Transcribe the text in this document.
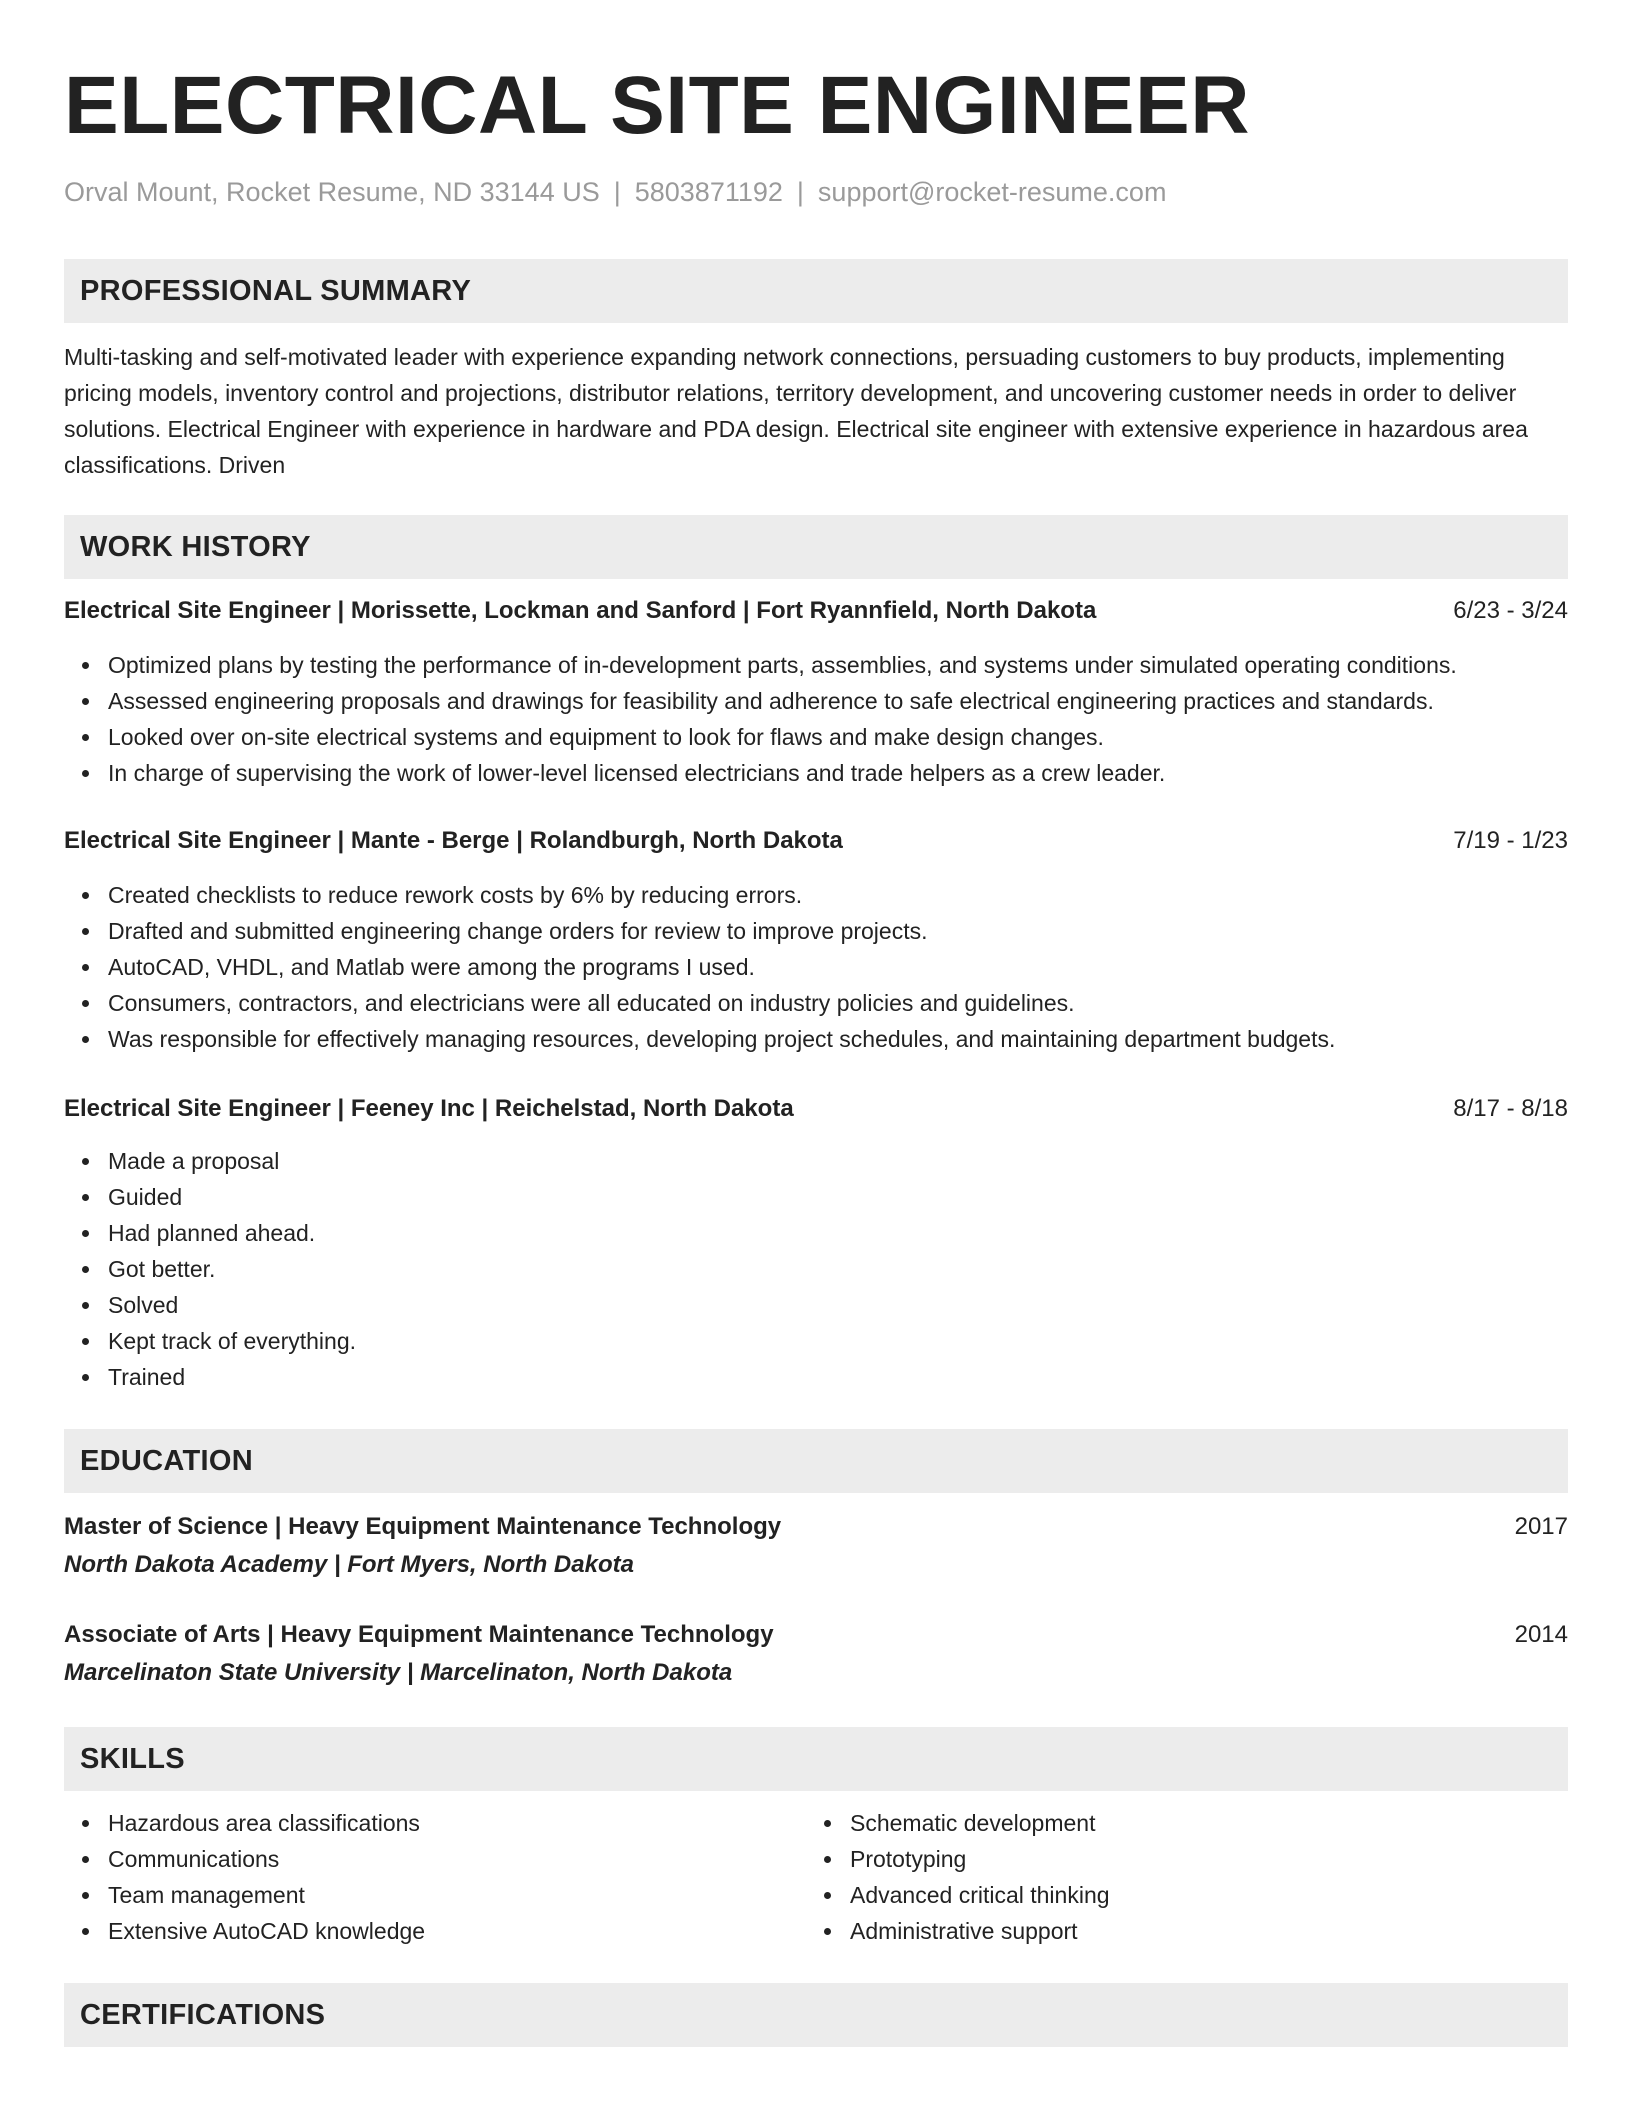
ELECTRICAL SITE ENGINEER
Orval Mount, Rocket Resume, ND 33144 US | 5803871192 | support@rocket-resume.com
PROFESSIONAL SUMMARY

Multi-tasking and self-motivated leader with experience expanding network connections, persuading customers to buy products, implementing pricing models, inventory control and projections, distributor relations, territory development, and uncovering customer needs in order to deliver solutions. Electrical Engineer with experience in hardware and PDA design. Electrical site engineer with extensive experience in hazardous area classifications. Driven

WORK HISTORY
Electrical Site Engineer | Morissette, Lockman and Sanford | Fort Ryannfield, North Dakota	6/23 - 3/24
Optimized plans by testing the performance of in-development parts, assemblies, and systems under simulated operating conditions.
Assessed engineering proposals and drawings for feasibility and adherence to safe electrical engineering practices and standards.
Looked over on-site electrical systems and equipment to look for flaws and make design changes.
In charge of supervising the work of lower-level licensed electricians and trade helpers as a crew leader.
Electrical Site Engineer | Mante - Berge | Rolandburgh, North Dakota	7/19 - 1/23
Created checklists to reduce rework costs by 6% by reducing errors.
Drafted and submitted engineering change orders for review to improve projects.
AutoCAD, VHDL, and Matlab were among the programs I used.
Consumers, contractors, and electricians were all educated on industry policies and guidelines.
Was responsible for effectively managing resources, developing project schedules, and maintaining department budgets.
Electrical Site Engineer | Feeney Inc | Reichelstad, North Dakota	8/17 - 8/18
Made a proposal
Guided
Had planned ahead.
Got better.
Solved
Kept track of everything.
Trained
EDUCATION
Master of Science | Heavy Equipment Maintenance Technology	2017
North Dakota Academy | Fort Myers, North Dakota
Associate of Arts | Heavy Equipment Maintenance Technology	2014
Marcelinaton State University | Marcelinaton, North Dakota
SKILLS
Hazardous area classifications
Communications
Team management
Extensive AutoCAD knowledge
Schematic development
Prototyping
Advanced critical thinking
Administrative support
CERTIFICATIONS
